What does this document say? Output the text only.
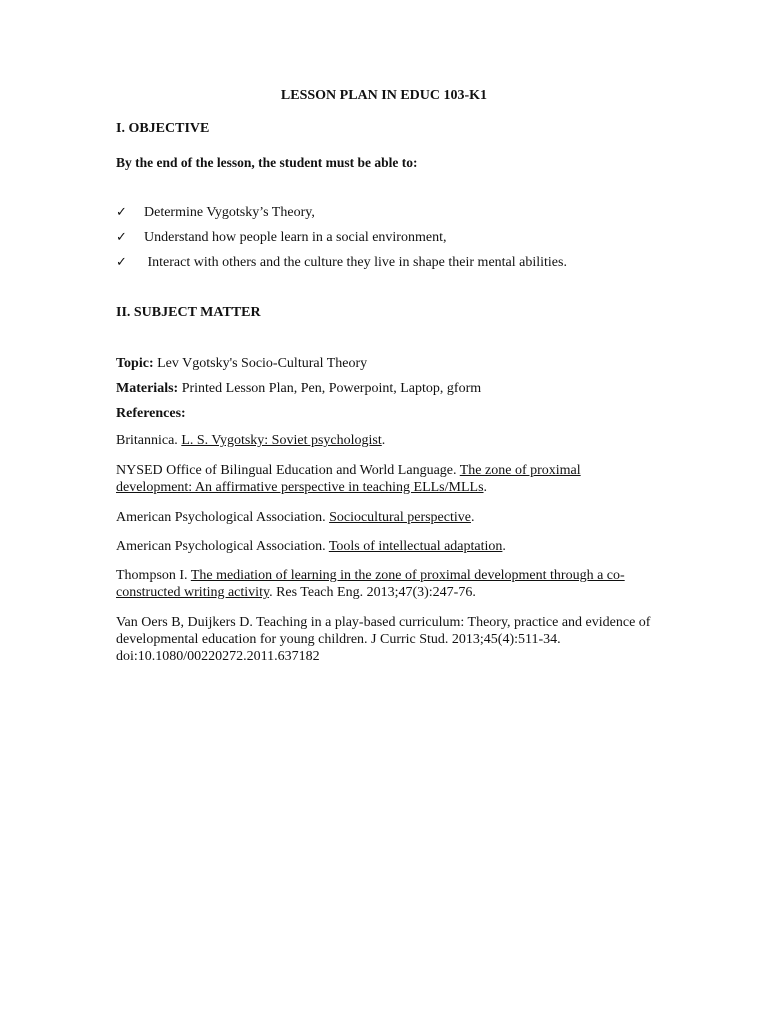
LESSON PLAN IN EDUC 103-K1
I. OBJECTIVE
By the end of the lesson, the student must be able to:
✓ Determine Vygotsky’s Theory,
✓ Understand how people learn in a social environment,
✓ Interact with others and the culture they live in shape their mental abilities.
II. SUBJECT MATTER
Topic: Lev Vgotsky's Socio-Cultural Theory
Materials: Printed Lesson Plan, Pen, Powerpoint, Laptop, gform
References:
Britannica. L. S. Vygotsky: Soviet psychologist.
NYSED Office of Bilingual Education and World Language. The zone of proximal development: An affirmative perspective in teaching ELLs/MLLs.
American Psychological Association. Sociocultural perspective.
American Psychological Association. Tools of intellectual adaptation.
Thompson I. The mediation of learning in the zone of proximal development through a co-constructed writing activity. Res Teach Eng. 2013;47(3):247-76.
Van Oers B, Duijkers D. Teaching in a play-based curriculum: Theory, practice and evidence of developmental education for young children. J Curric Stud. 2013;45(4):511-34. doi:10.1080/00220272.2011.637182
